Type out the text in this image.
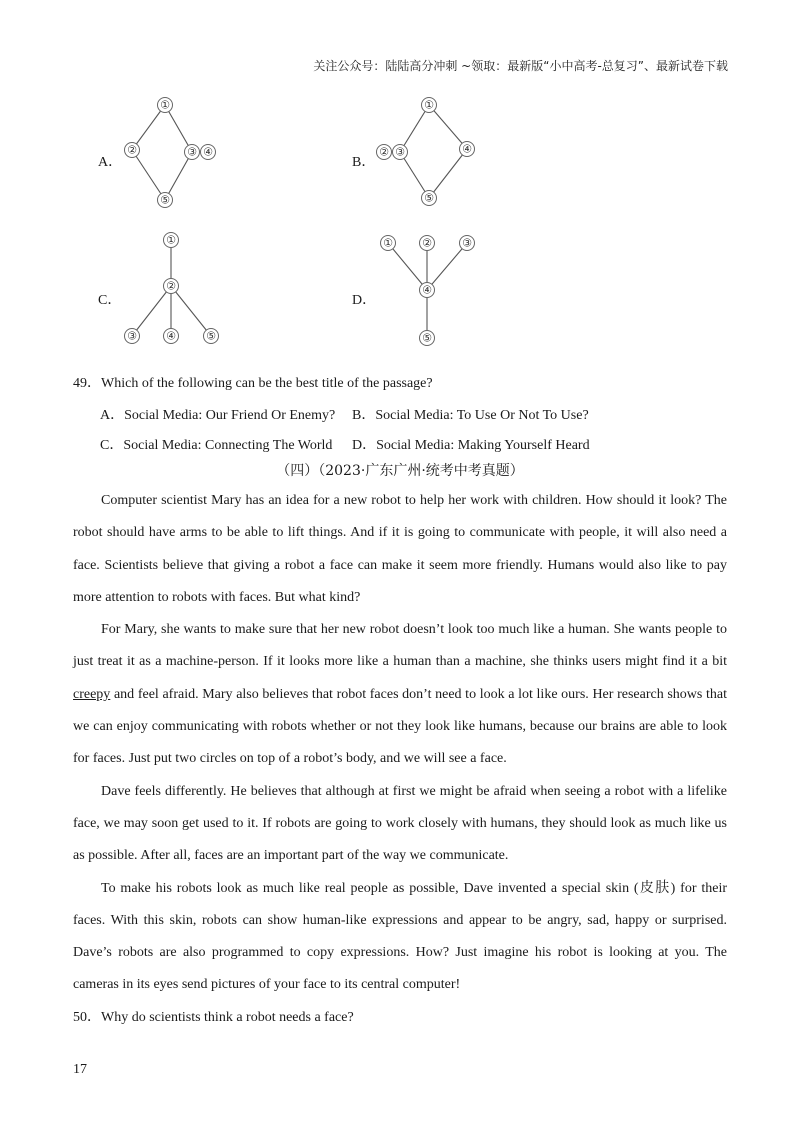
关注公众号：陆陆高分冲刺 ~领取：最新版“小中高考-总复习”、最新试卷下载
A．
①
②	③ ④
⑤
B．
①
② ③	④
⑤
C．
①
②
③	④	⑤
D．
①	②	③
④
⑤
49．Which of the following can be the best title of the passage?
A．Social Media: Our Friend Or Enemy? B．Social Media: To Use Or Not To Use?
C．Social Media: Connecting The World D．Social Media: Making Yourself Heard
（四）（2023·广东广州·统考中考真题）

Computer scientist Mary has an idea for a new robot to help her work with children. How should it look? The robot should have arms to be able to lift things. And if it is going to communicate with people, it will also need a face. Scientists believe that giving a robot a face can make it seem more friendly. Humans would also like to pay more attention to robots with faces. But what kind?

For Mary, she wants to make sure that her new robot doesn’t look too much like a human. She wants people to just treat it as a machine-person. If it looks more like a human than a machine, she thinks users might find it a bit creepy and feel afraid. Mary also believes that robot faces don’t need to look a lot like ours. Her research shows that we can enjoy communicating with robots whether or not they look like humans, because our brains are able to look for faces. Just put two circles on top of a robot’s body, and we will see a face.

Dave feels differently. He believes that although at first we might be afraid when seeing a robot with a lifelike face, we may soon get used to it. If robots are going to work closely with humans, they should look as much like us as possible. After all, faces are an important part of the way we communicate.

To make his robots look as much like real people as possible, Dave invented a special skin (皮肤) for their faces. With this skin, robots can show human-like expressions and appear to be angry, sad, happy or surprised. Dave’s robots are also programmed to copy expressions. How? Just imagine his robot is looking at you. The cameras in its eyes send pictures of your face to its central computer!

50．Why do scientists think a robot needs a face?

17
